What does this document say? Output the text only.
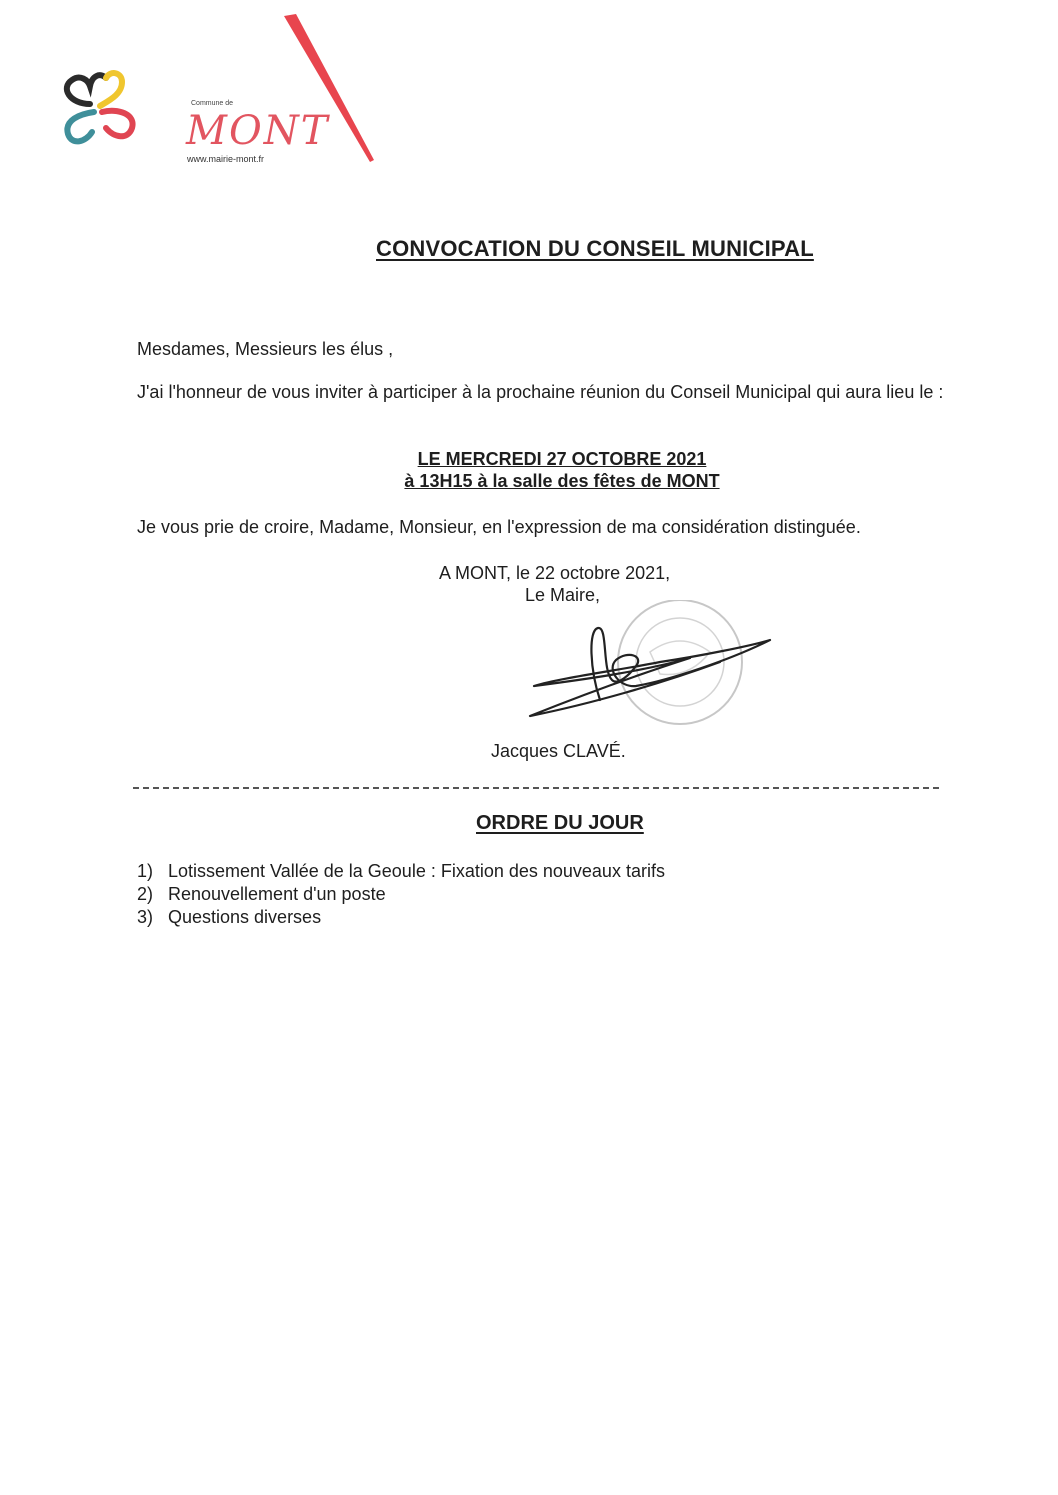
Commune de
MONT
www.mairie-mont.fr
CONVOCATION DU CONSEIL MUNICIPAL
Mesdames, Messieurs les élus ,
J'ai l'honneur de vous inviter à participer à la prochaine réunion du Conseil Municipal qui aura lieu le :
LE MERCREDI 27 OCTOBRE 2021
à 13H15 à la salle des fêtes de MONT
Je vous prie de croire, Madame, Monsieur, en l'expression de ma considération distinguée.
A MONT, le 22 octobre 2021,
Le Maire,
Jacques CLAVÉ.
ORDRE DU JOUR
1) Lotissement Vallée de la Geoule : Fixation des nouveaux tarifs
2) Renouvellement d'un poste
3) Questions diverses
